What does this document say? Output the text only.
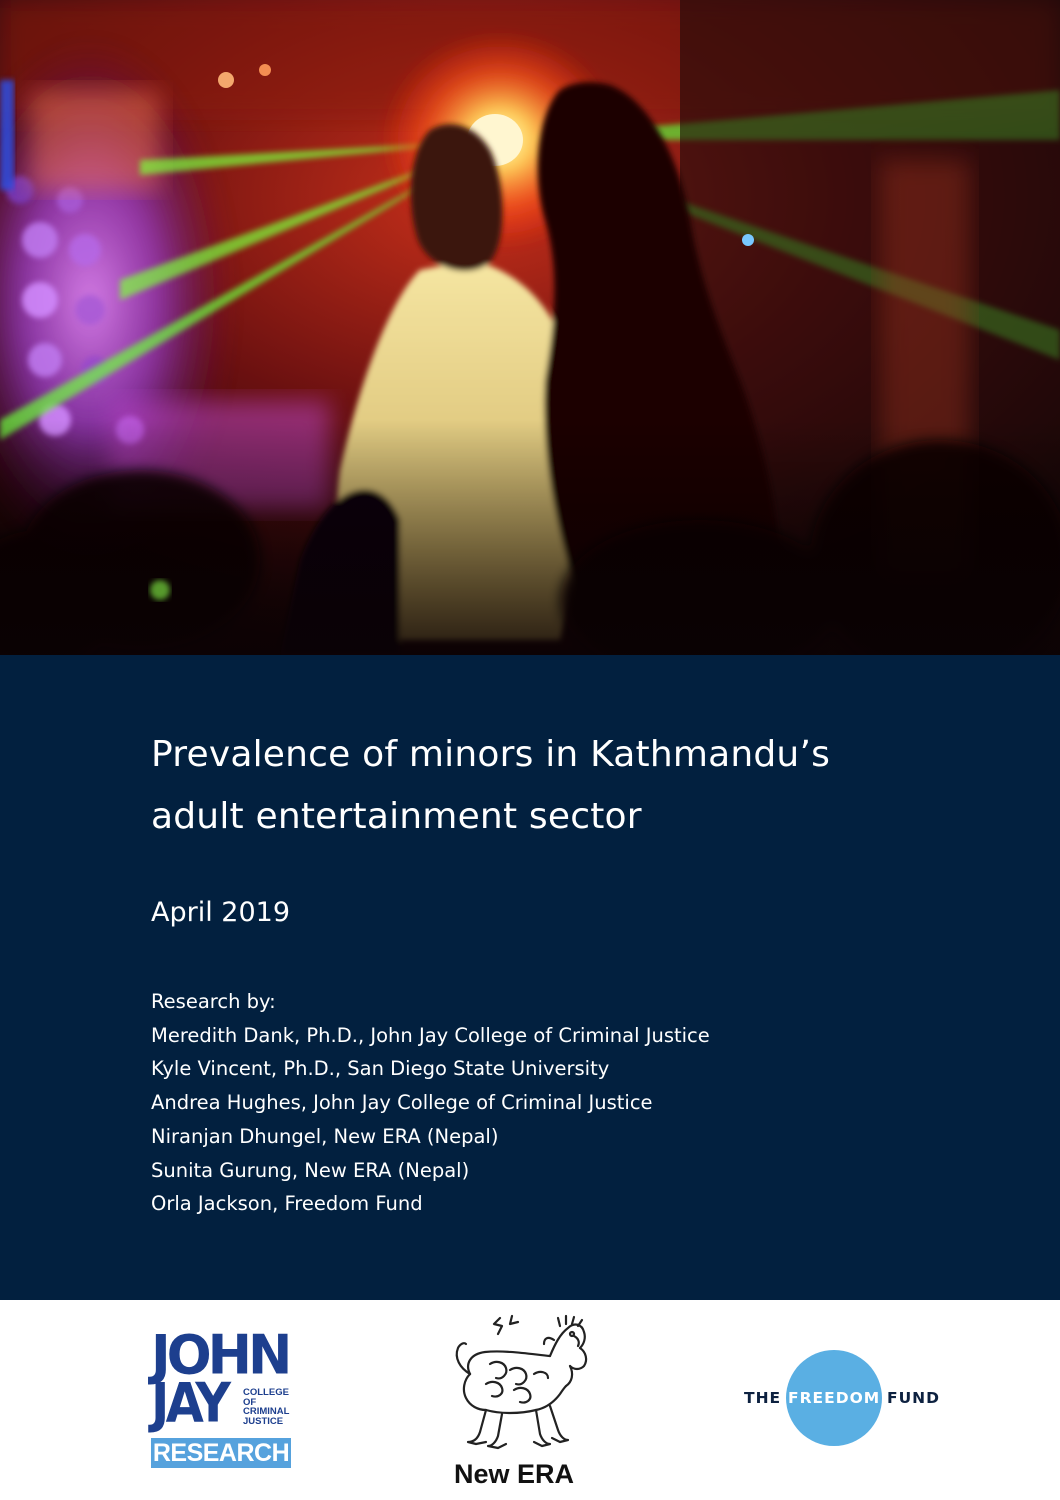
Prevalence of minors in Kathmandu’s
adult entertainment sector
April 2019
Research by:
Meredith Dank, Ph.D., John Jay College of Criminal Justice
Kyle Vincent, Ph.D., San Diego State University
Andrea Hughes, John Jay College of Criminal Justice
Niranjan Dhungel, New ERA (Nepal)
Sunita Gurung, New ERA (Nepal)
Orla Jackson, Freedom Fund
JOHN
JAY COLLEGE
OF
CRIMINAL
JUSTICE
RESEARCH
New ERA
THE FREEDOM FUND
